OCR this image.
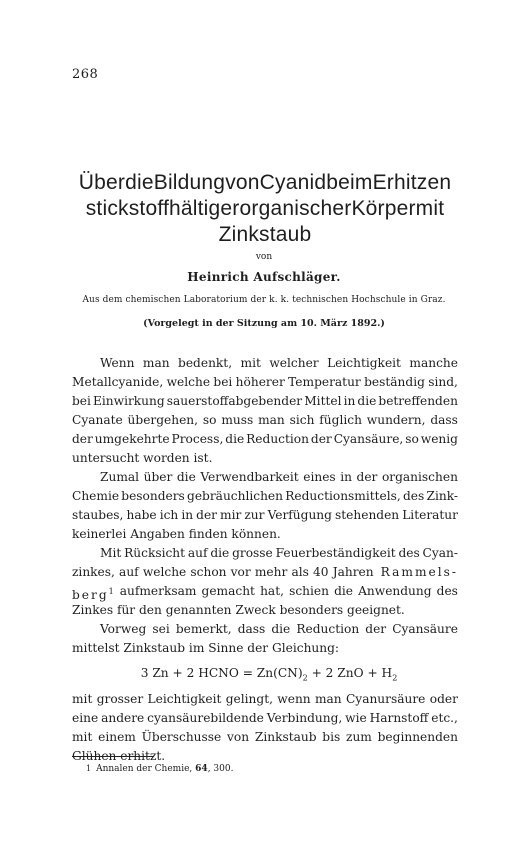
268
ÜberdieBildungvonCyanidbeimErhitzen
stickstoffhältigerorganischerKörpermit
Zinkstaub
von
Heinrich Aufschläger.
Aus dem chemischen Laboratorium der k. k. technischen Hochschule in Graz.
(Vorgelegt in der Sitzung am 10. März 1892.)
Wenn man bedenkt, mit welcher Leichtigkeit manche
Metallcyanide, welche bei höherer Temperatur beständig sind,
bei Einwirkung sauerstoffabgebender Mittel in die betreffenden
Cyanate übergehen, so muss man sich füglich wundern, dass
der umgekehrte Process, die Reduction der Cyansäure, so wenig
untersucht worden ist.
Zumal über die Verwendbarkeit eines in der organischen
Chemie besonders gebräuchlichen Reductionsmittels, des Zink-
staubes, habe ich in der mir zur Verfügung stehenden Literatur
keinerlei Angaben finden können.
Mit Rücksicht auf die grosse Feuerbeständigkeit des Cyan-
zinkes, auf welche schon vor mehr als 40 Jahren Rammels-
berg$^1$ aufmerksam gemacht hat, schien die Anwendung des
Zinkes für den genannten Zweck besonders geeignet.
Vorweg sei bemerkt, dass die Reduction der Cyansäure
mittelst Zinkstaub im Sinne der Gleichung:
3 Zn + 2 HCNO = $Zn(CN)_2 + 2$ ZnO + $H_2$
mit grosser Leichtigkeit gelingt, wenn man Cyanursäure oder
eine andere cyansäurebildende Verbindung, wie Harnstoff etc.,
mit einem Überschusse von Zinkstaub bis zum beginnenden
Glühen erhitzt.
1 Annalen der Chemie, 64, 300.
